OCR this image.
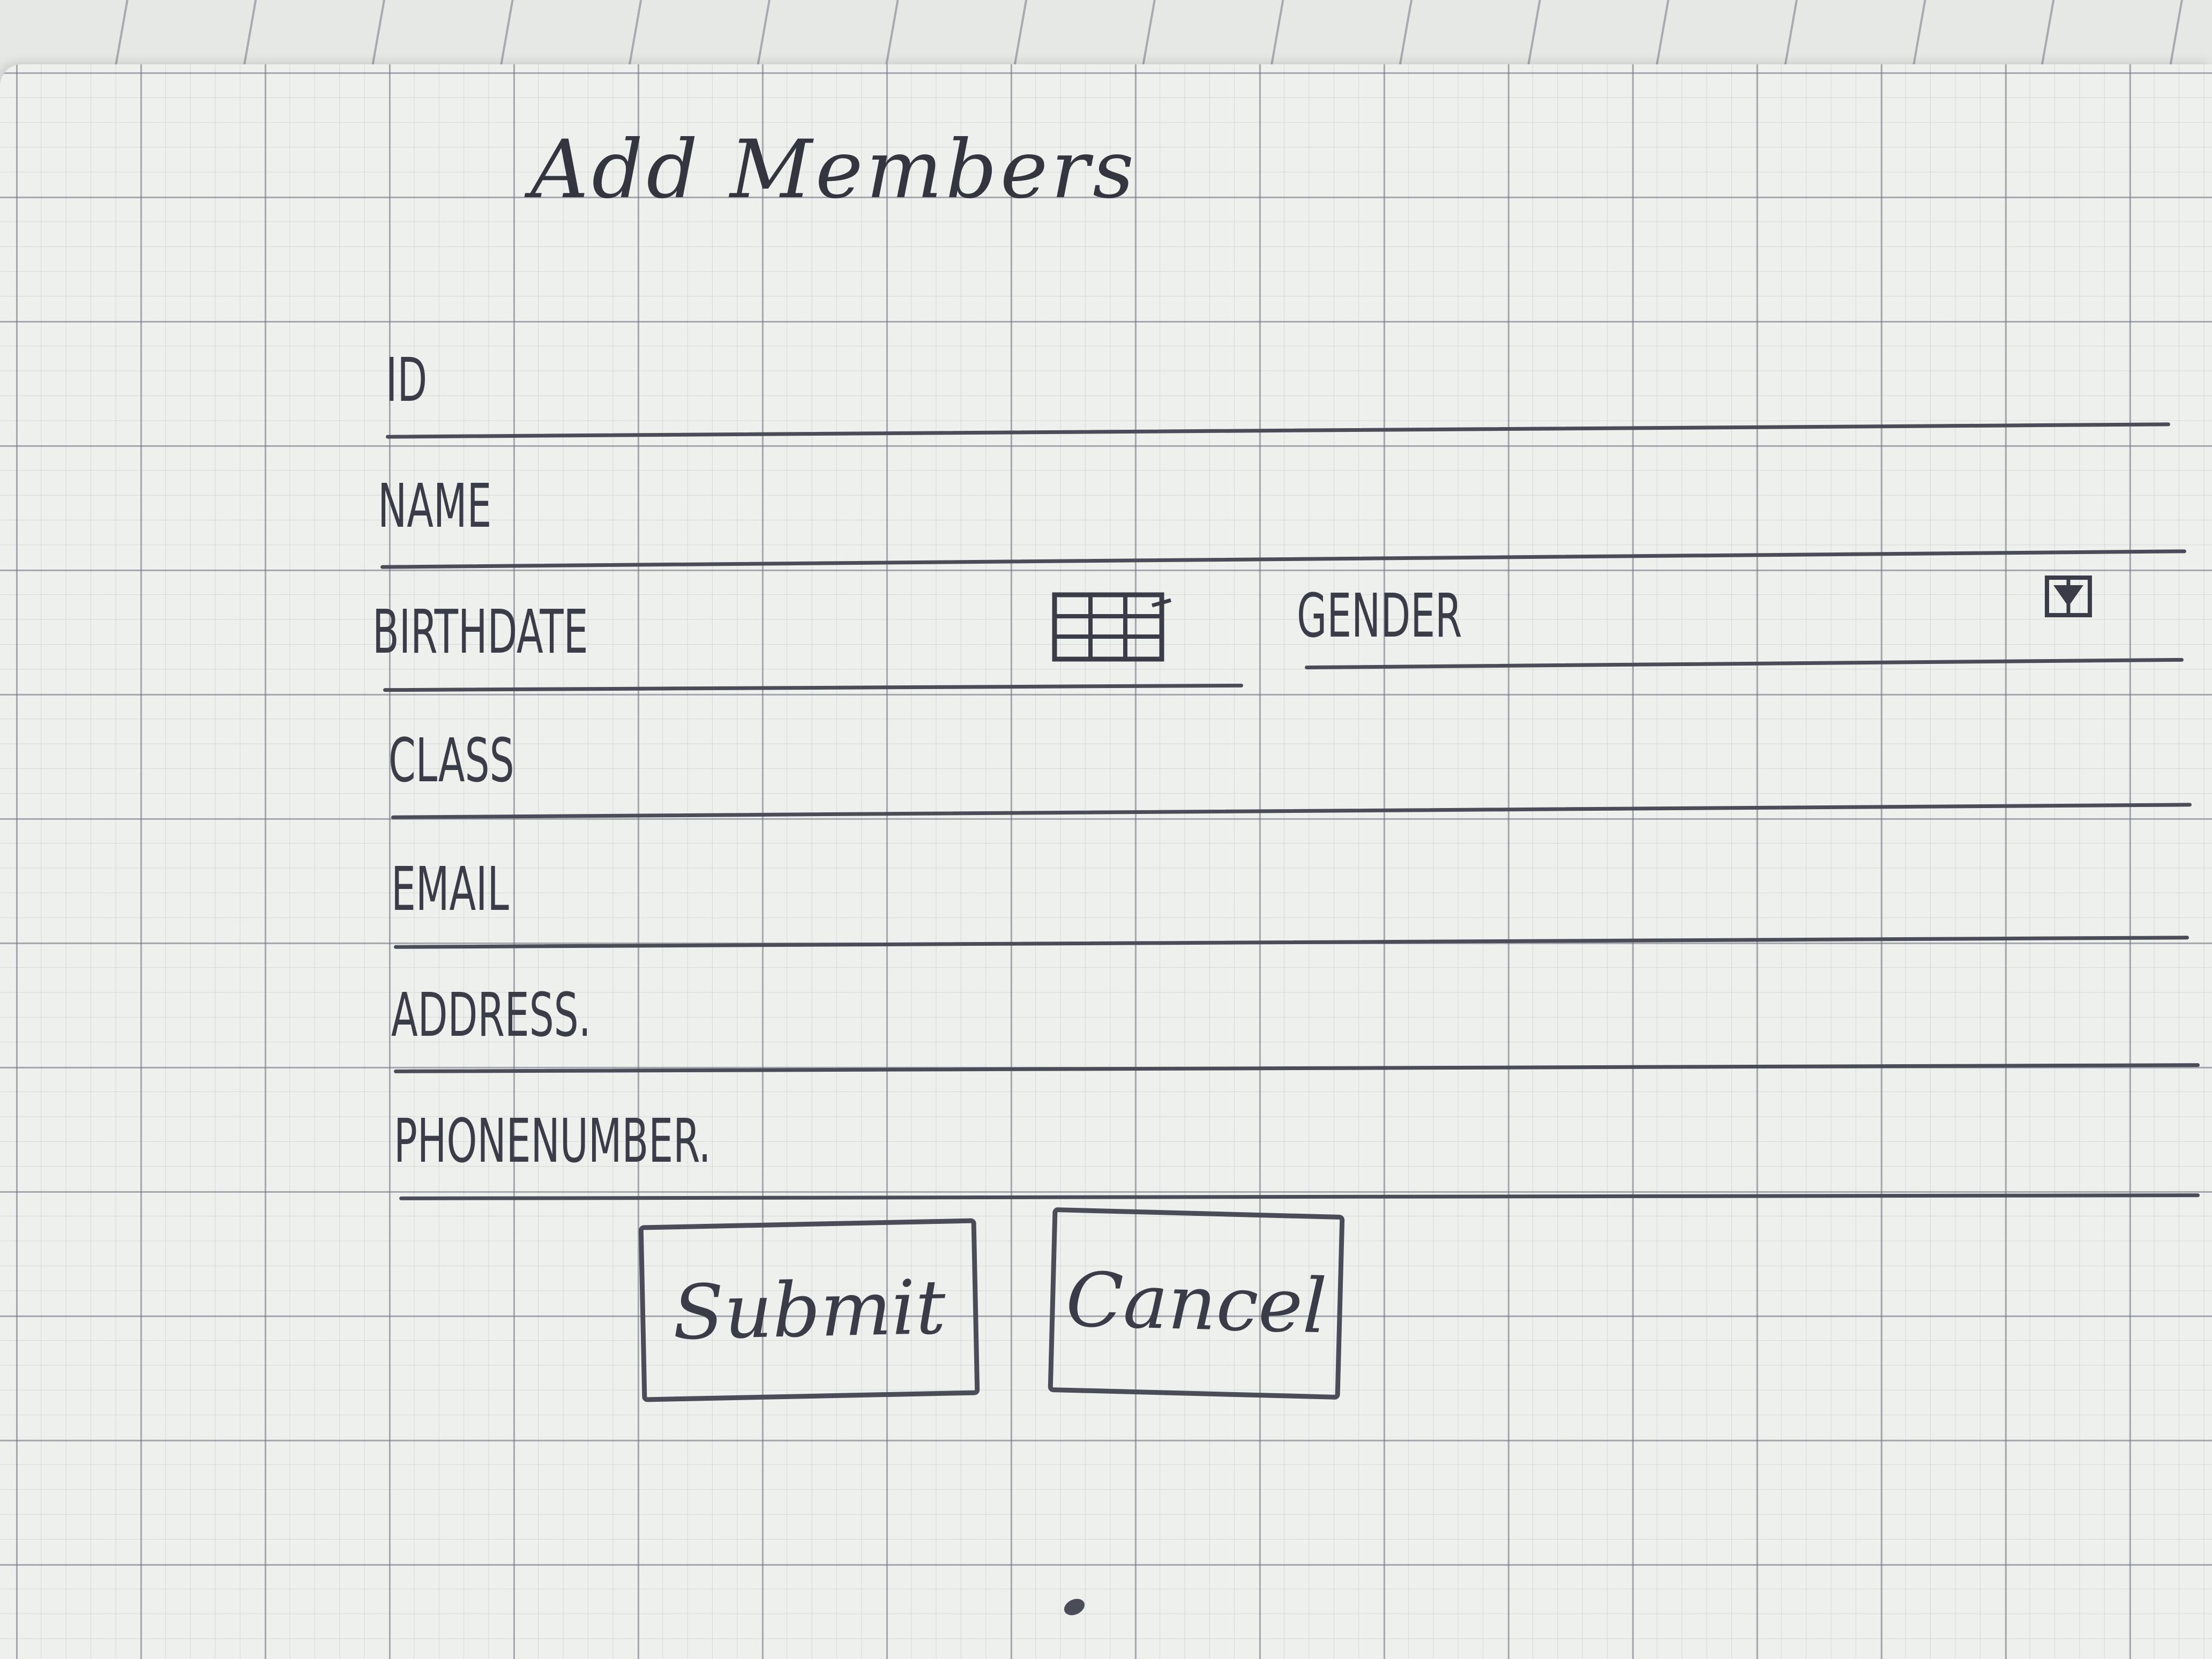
Add Members
ID
NAME
BIRTHDATE	GENDER
CLASS
EMAIL
ADDRESS.
PHONENUMBER.
Submit	Cancel
